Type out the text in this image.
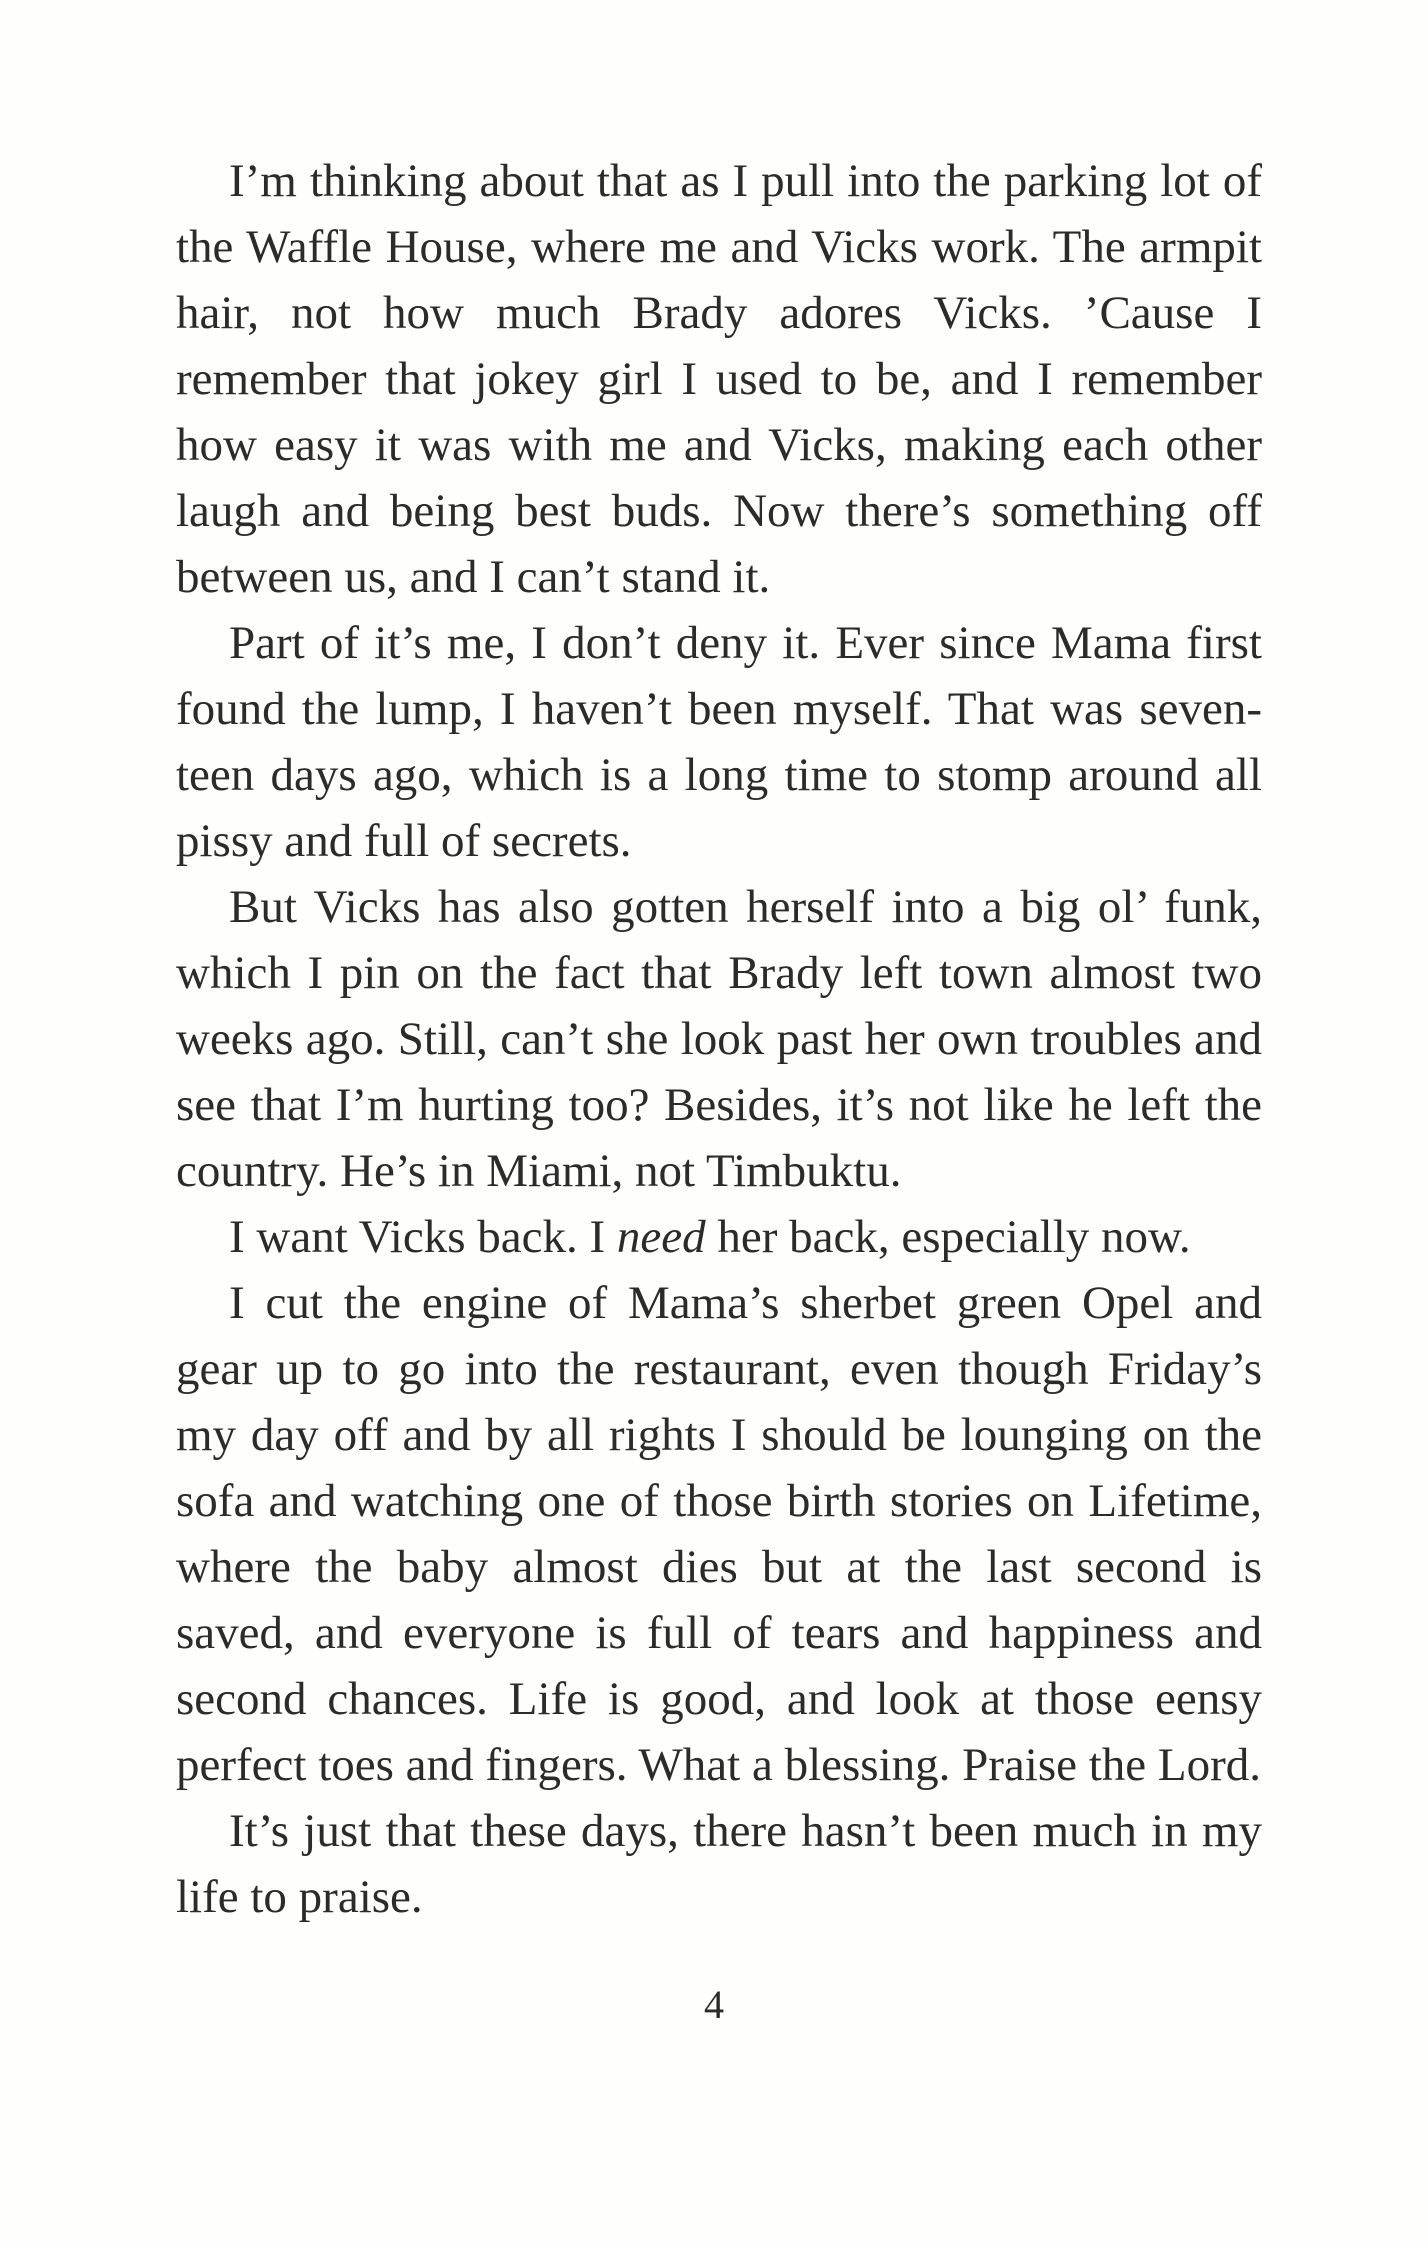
I’m thinking about that as I pull into the parking lot of the Waffle House, where me and Vicks work. The armpit hair, not how much Brady adores Vicks. ’Cause I remember that jokey girl I used to be, and I remember how easy it was with me and Vicks, making each other laugh and being best buds. Now there’s something off between us, and I can’t stand it.

Part of it’s me, I don’t deny it. Ever since Mama first found the lump, I haven’t been myself. That was seventeen days ago, which is a long time to stomp around all pissy and full of secrets.

But Vicks has also gotten herself into a big ol’ funk, which I pin on the fact that Brady left town almost two weeks ago. Still, can’t she look past her own troubles and see that I’m hurting too? Besides, it’s not like he left the country. He’s in Miami, not Timbuktu.

I want Vicks back. I need her back, especially now.

I cut the engine of Mama’s sherbet green Opel and gear up to go into the restaurant, even though Friday’s my day off and by all rights I should be lounging on the sofa and watching one of those birth stories on Lifetime, where the baby almost dies but at the last second is saved, and everyone is full of tears and happiness and second chances. Life is good, and look at those eensy perfect toes and fingers. What a blessing. Praise the Lord.

It’s just that these days, there hasn’t been much in my life to praise.

4
